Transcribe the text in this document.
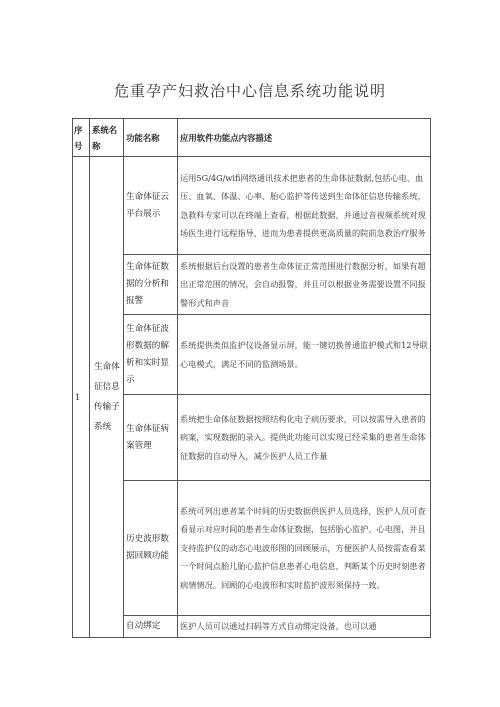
危重孕产妇救治中心信息系统功能说明
序号	系统名称	功能名称	应用软件功能点内容描述
1	生命体征信息传输子系统	生命体征云平台展示	运用5G/4G/wifi网络通讯技术把患者的生命体征数据,包括心电、血压、血氧、体温、心率、胎心监护等传送到生命体征信息传输系统，急救科专家可以在终端上查看，根据此数据，并通过音视频系统对现场医生进行远程指导，进而为患者提供更高质量的院前急救治疗服务
		生命体征数据的分析和报警	系统根据后台设置的患者生命体征正常范围进行数据分析，如果有超出正常范围的情况，会自动报警，并且可以根据业务需要设置不同报警形式和声音
		生命体征波形数据的解析和实时显示	系统提供类似监护仪设备显示屏，能一键切换普通监护模式和12导联心电模式，满足不同的监测场景。
		生命体征病案管理	系统把生命体征数据按照结构化电子病历要求，可以按需导入患者的病案，实现数据的录入。提供此功能可以实现已经采集的患者生命体征数据的自动导入，减少医护人员工作量
		历史波形数据回顾功能	系统可列出患者某个时间的历史数据供医护人员选择，医护人员可查看显示对应时间的患者生命体征数据，包括胎心监护、心电图，并且支持监护仪的动态心电波形图的回顾展示，方便医护人员按需查看某一个时间点胎儿胎心监护信息患者心电信息，判断某个历史时刻患者病情情况。回顾的心电波形和实时监护波形须保持一致。
		自动绑定	医护人员可以通过扫码等方式自动绑定设备，也可以通
